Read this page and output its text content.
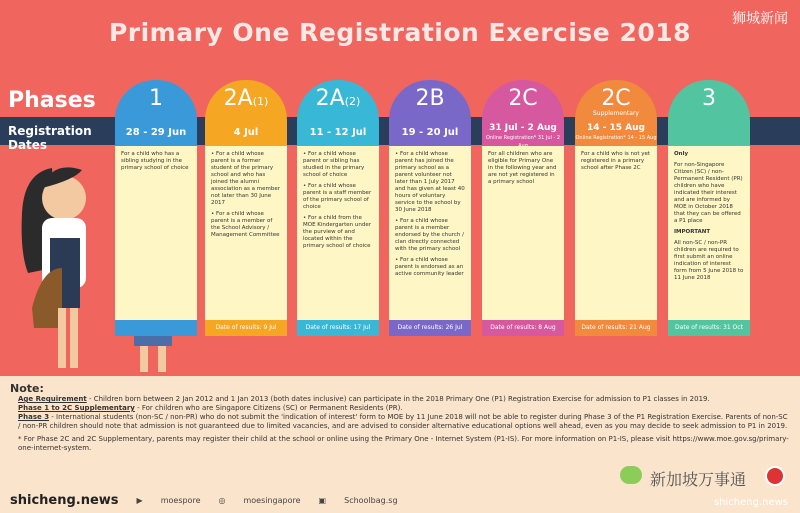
Primary One Registration Exercise 2018	狮城新闻
Phases
Registration Dates
1
28 - 29 Jun

For a child who has a sibling studying in the primary school of choice

2A(1)
4 Jul

• For a child whose parent is a former student of the primary school and who has joined the alumni association as a member not later than 30 June 2017

• For a child whose parent is a member of the School Advisory / Management Committee

Date of results: 9 Jul
2A(2)
11 - 12 Jul

• For a child whose parent or sibling has studied in the primary school of choice

• For a child whose parent is a staff member of the primary school of choice

• For a child from the MOE Kindergarten under the purview of and located within the primary school of choice

Date of results: 17 Jul
2B
19 - 20 Jul

• For a child whose parent has joined the primary school as a parent volunteer not later than 1 July 2017 and has given at least 40 hours of voluntary service to the school by 30 June 2018

• For a child whose parent is a member endorsed by the church / clan directly connected with the primary school

• For a child whose parent is endorsed as an active community leader

Date of results: 26 Jul
2C
31 Jul - 2 Aug
Online Registration* 31 Jul - 2

For all children who are eligible for Primary One in the following year and are not yet registered in a primary school

Date of results: 8 Aug
2C
Supplementary
14 - 15 Aug
Online Registration* 14 - 15 Aug

For a child who is not yet registered in a primary school after Phase 2C

Date of results: 21 Aug
3

Only

For non-Singapore Citizen (SC) / non-Permanent Resident (PR) children who have indicated their interest and are informed by MOE in October 2018 that they can be offered a P1 place

IMPORTANT

All non-SC / non-PR children are required to first submit an online indication of interest form from 5 June 2018 to 11 June 2018

Date of results: 31 Oct
Note:
Age Requirement - Children born between 2 Jan 2012 and 1 Jan 2013 (both dates inclusive) can participate in the 2018 Primary One (P1) Registration Exercise for admission to P1 classes in 2019.
Phase 1 to 2C Supplementary - For children who are Singapore Citizens (SC) or Permanent Residents (PR).
Phase 3 - International students (non-SC / non-PR) who do not submit the 'indication of interest' form to MOE by 11 June 2018 will not be able to register during Phase 3 of the P1 Registration Exercise. Parents of non-SC / non-PR children should note that admission is not guaranteed due to limited vacancies, and are advised to consider alternative educational options well ahead, even as you may decide to seek admission to P1 in 2019.
* For Phase 2C and 2C Supplementary, parents may register their child at the school or online using the Primary One - Internet System (P1-IS). For more information on P1-IS, please visit https://www.moe.gov.sg/primary-one-internet-system.
新加坡万事通
shicheng.news ▶ moespore ◎ moesingapore ▣ Schoolbag.sg	shicheng.news
